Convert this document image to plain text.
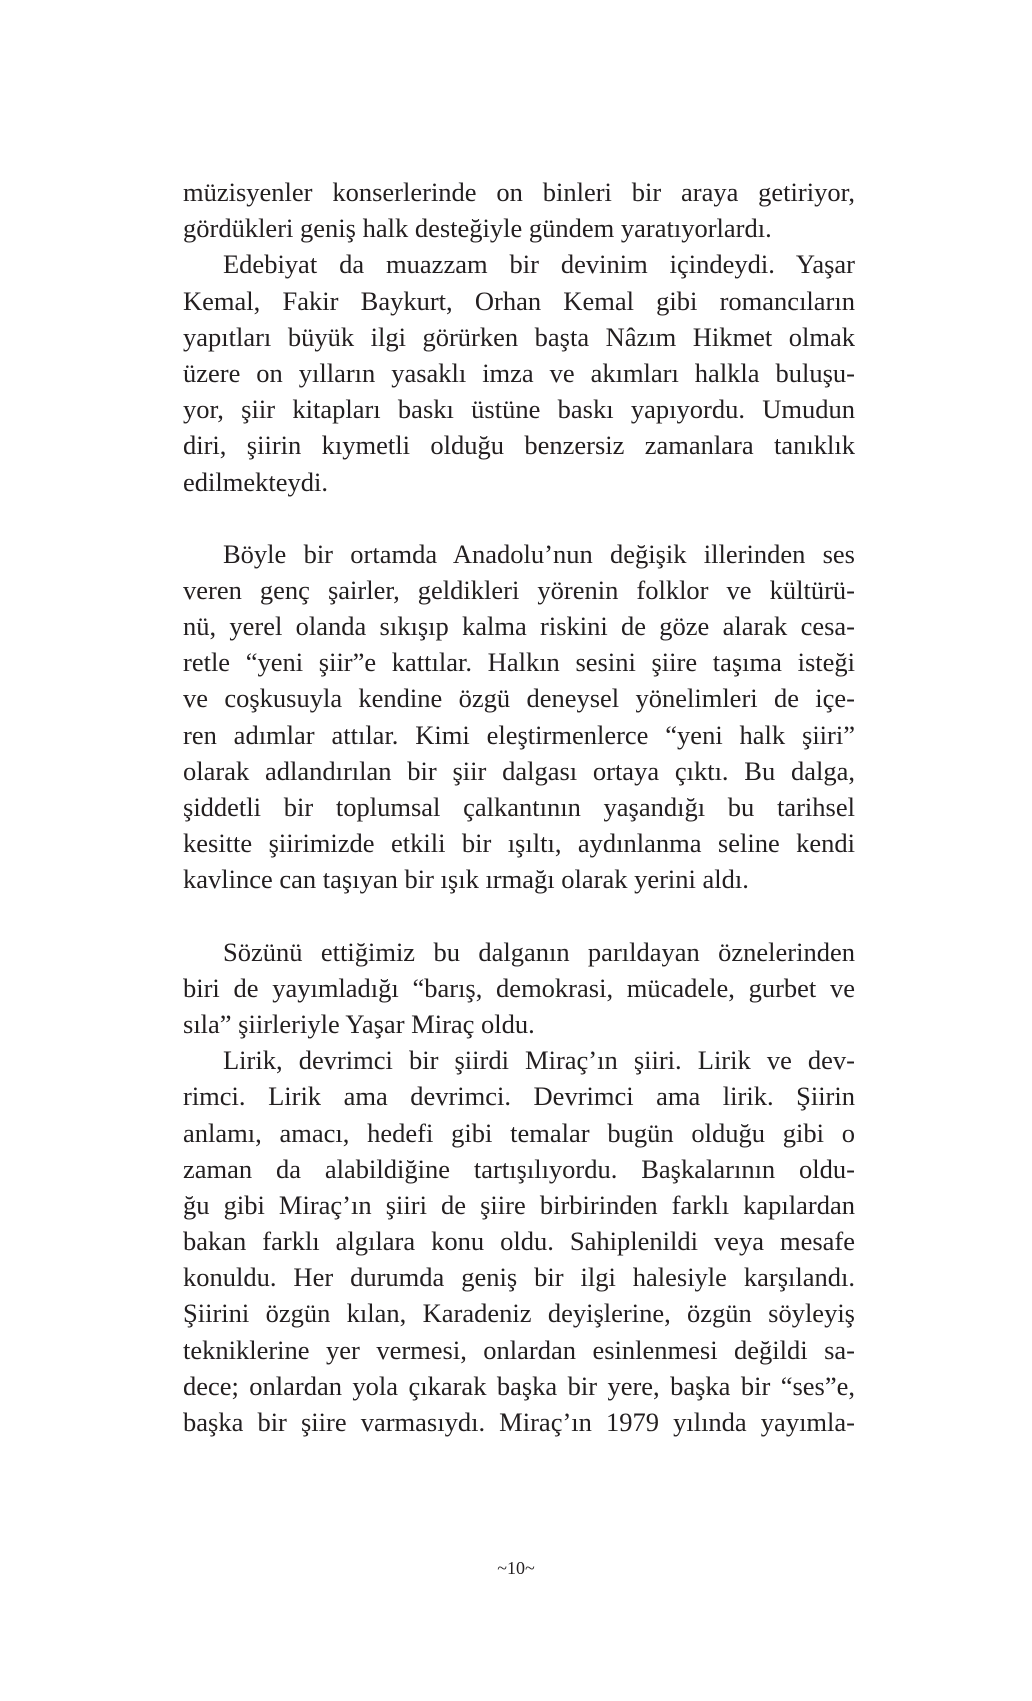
müzisyenler konserlerinde on binleri bir araya getiriyor,
gördükleri geniş halk desteğiyle gündem yaratıyorlardı.
Edebiyat da muazzam bir devinim içindeydi. Yaşar
Kemal, Fakir Baykurt, Orhan Kemal gibi romancıların
yapıtları büyük ilgi görürken başta Nâzım Hikmet olmak
üzere on yılların yasaklı imza ve akımları halkla buluşu-
yor, şiir kitapları baskı üstüne baskı yapıyordu. Umudun
diri, şiirin kıymetli olduğu benzersiz zamanlara tanıklık
edilmekteydi.
Böyle bir ortamda Anadolu’nun değişik illerinden ses
veren genç şairler, geldikleri yörenin folklor ve kültürü-
nü, yerel olanda sıkışıp kalma riskini de göze alarak cesa-
retle “yeni şiir”e kattılar. Halkın sesini şiire taşıma isteği
ve coşkusuyla kendine özgü deneysel yönelimleri de içe-
ren adımlar attılar. Kimi eleştirmenlerce “yeni halk şiiri”
olarak adlandırılan bir şiir dalgası ortaya çıktı. Bu dalga,
şiddetli bir toplumsal çalkantının yaşandığı bu tarihsel
kesitte şiirimizde etkili bir ışıltı, aydınlanma seline kendi
kavlince can taşıyan bir ışık ırmağı olarak yerini aldı.
Sözünü ettiğimiz bu dalganın parıldayan öznelerinden
biri de yayımladığı “barış, demokrasi, mücadele, gurbet ve
sıla” şiirleriyle Yaşar Miraç oldu.
Lirik, devrimci bir şiirdi Miraç’ın şiiri. Lirik ve dev-
rimci. Lirik ama devrimci. Devrimci ama lirik. Şiirin
anlamı, amacı, hedefi gibi temalar bugün olduğu gibi o
zaman da alabildiğine tartışılıyordu. Başkalarının oldu-
ğu gibi Miraç’ın şiiri de şiire birbirinden farklı kapılardan
bakan farklı algılara konu oldu. Sahiplenildi veya mesafe
konuldu. Her durumda geniş bir ilgi halesiyle karşılandı.
Şiirini özgün kılan, Karadeniz deyişlerine, özgün söyleyiş
tekniklerine yer vermesi, onlardan esinlenmesi değildi sa-
dece; onlardan yola çıkarak başka bir yere, başka bir “ses”e,
başka bir şiire varmasıydı. Miraç’ın 1979 yılında yayımla-
~10~
